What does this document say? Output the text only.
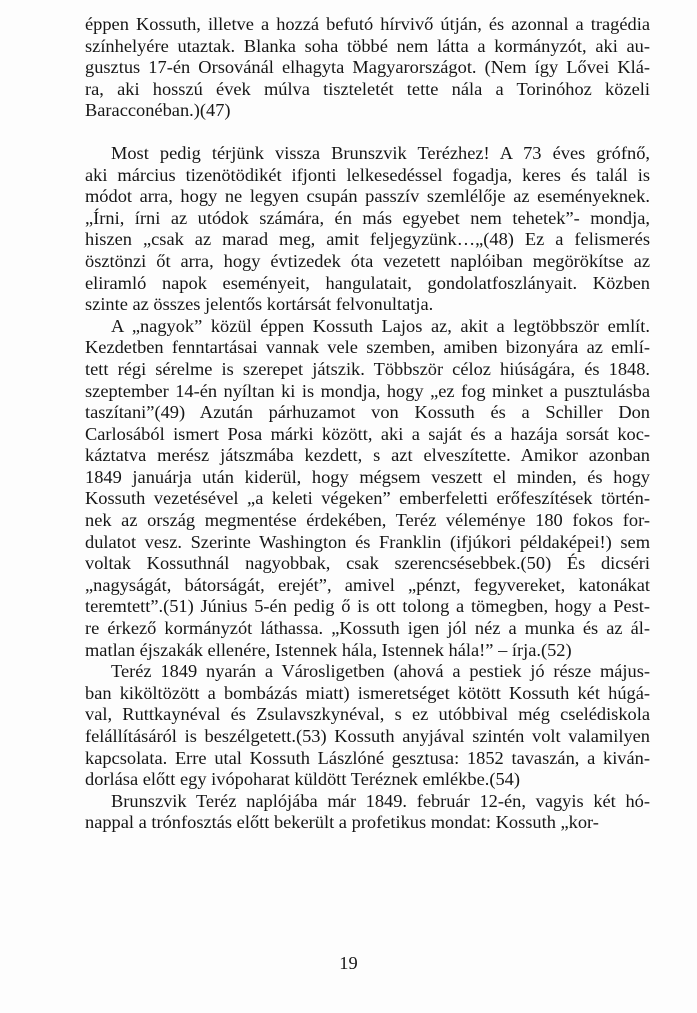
éppen Kossuth, illetve a hozzá befutó hírvivő útján, és azonnal a tragédia
színhelyére utaztak. Blanka soha többé nem látta a kormányzót, aki au-
gusztus 17-én Orsovánál elhagyta Magyarországot. (Nem így Lővei Klá-
ra, aki hosszú évek múlva tiszteletét tette nála a Torinóhoz közeli
Baracconéban.)(47)
Most pedig térjünk vissza Brunszvik Terézhez! A 73 éves grófnő,
aki március tizenötödikét ifjonti lelkesedéssel fogadja, keres és talál is
módot arra, hogy ne legyen csupán passzív szemlélője az eseményeknek.
„Írni, írni az utódok számára, én más egyebet nem tehetek”- mondja,
hiszen „csak az marad meg, amit feljegyzünk…„(48) Ez a felismerés
ösztönzi őt arra, hogy évtizedek óta vezetett naplóiban megörökítse az
eliramló napok eseményeit, hangulatait, gondolatfoszlányait. Közben
szinte az összes jelentős kortársát felvonultatja.
A „nagyok” közül éppen Kossuth Lajos az, akit a legtöbbször említ.
Kezdetben fenntartásai vannak vele szemben, amiben bizonyára az emlí-
tett régi sérelme is szerepet játszik. Többször céloz hiúságára, és 1848.
szeptember 14-én nyíltan ki is mondja, hogy „ez fog minket a pusztulásba
taszítani”(49) Azután párhuzamot von Kossuth és a Schiller Don
Carlosából ismert Posa márki között, aki a saját és a hazája sorsát koc-
káztatva merész játszmába kezdett, s azt elveszítette. Amikor azonban
1849 januárja után kiderül, hogy mégsem veszett el minden, és hogy
Kossuth vezetésével „a keleti végeken” emberfeletti erőfeszítések történ-
nek az ország megmentése érdekében, Teréz véleménye 180 fokos for-
dulatot vesz. Szerinte Washington és Franklin (ifjúkori példaképei!) sem
voltak Kossuthnál nagyobbak, csak szerencsésebbek.(50) És dicséri
„nagyságát, bátorságát, erejét”, amivel „pénzt, fegyvereket, katonákat
teremtett”.(51) Június 5-én pedig ő is ott tolong a tömegben, hogy a Pest-
re érkező kormányzót láthassa. „Kossuth igen jól néz a munka és az ál-
matlan éjszakák ellenére, Istennek hála, Istennek hála!” – írja.(52)
Teréz 1849 nyarán a Városligetben (ahová a pestiek jó része május-
ban kiköltözött a bombázás miatt) ismeretséget kötött Kossuth két húgá-
val, Ruttkaynéval és Zsulavszkynéval, s ez utóbbival még cselédiskola
felállításáról is beszélgetett.(53) Kossuth anyjával szintén volt valamilyen
kapcsolata. Erre utal Kossuth Lászlóné gesztusa: 1852 tavaszán, a kiván-
dorlása előtt egy ivópoharat küldött Teréznek emlékbe.(54)
Brunszvik Teréz naplójába már 1849. február 12-én, vagyis két hó-
nappal a trónfosztás előtt bekerült a profetikus mondat: Kossuth „kor-
19
